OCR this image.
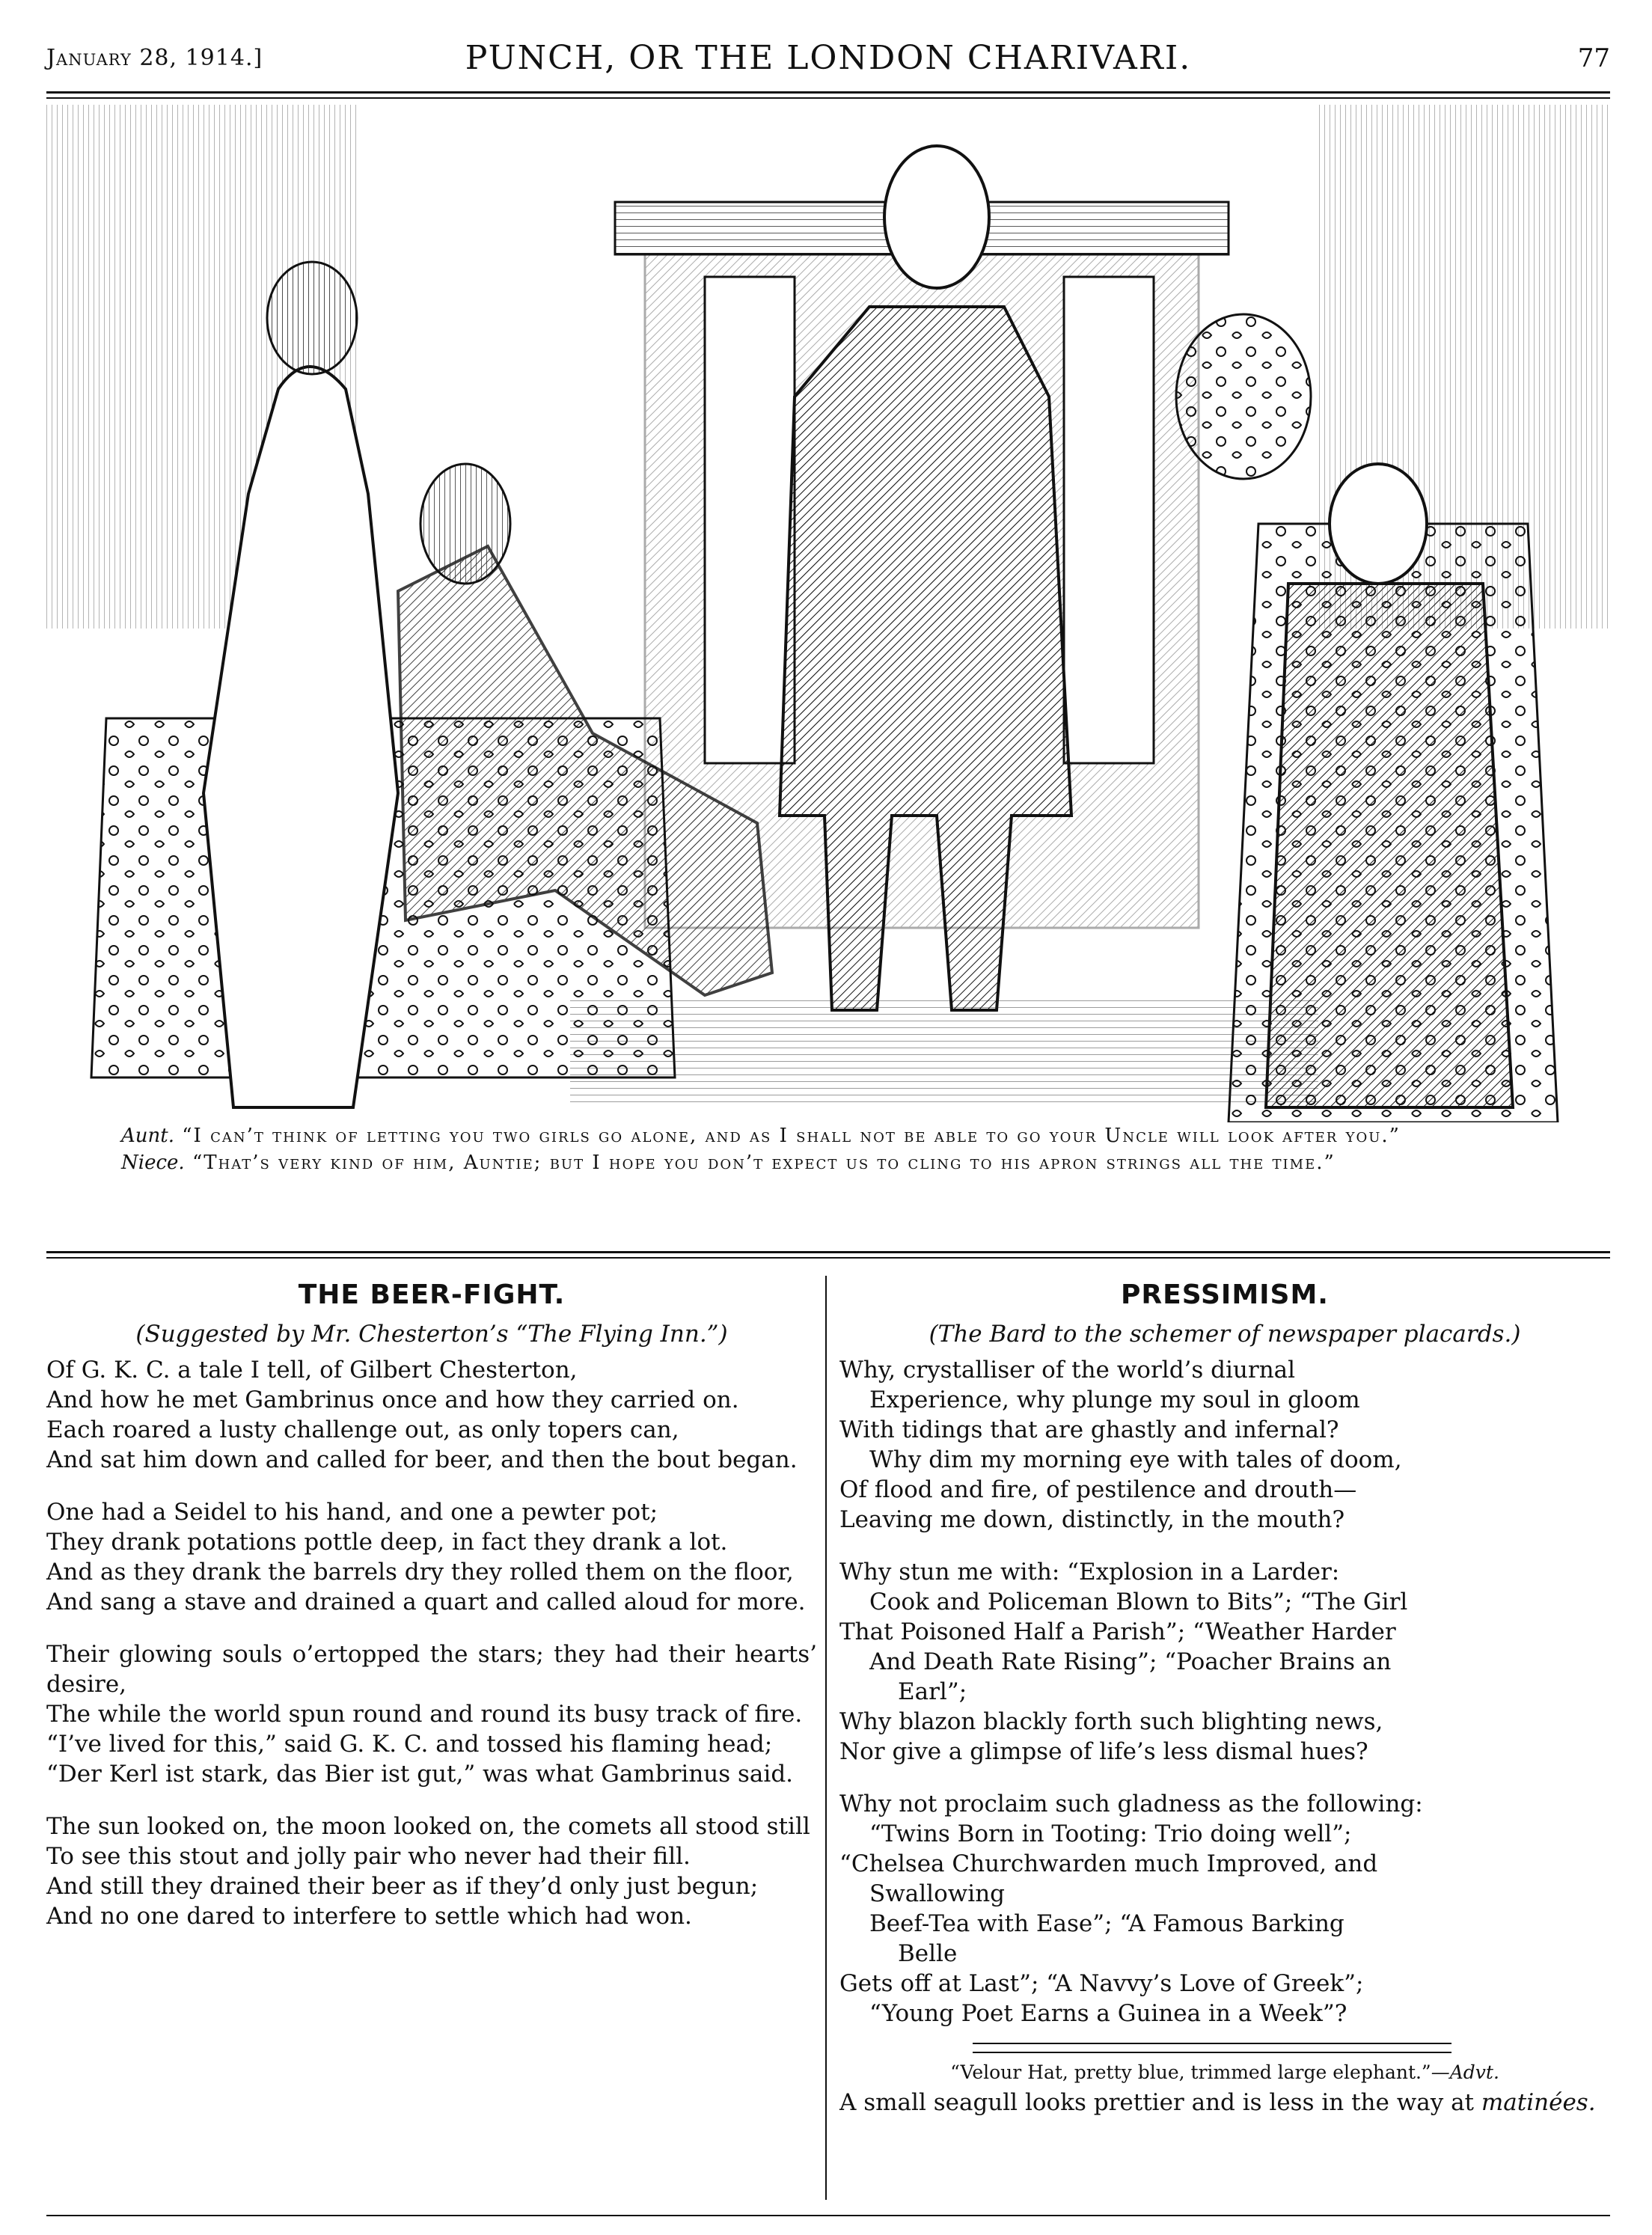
January 28, 1914.]	PUNCH, OR THE LONDON CHARIVARI.	77

Aunt. “I can’t think of letting you two girls go alone, and as I shall not be able to go your Uncle will look after you.”

Niece. “That’s very kind of him, Auntie; but I hope you don’t expect us to cling to his apron strings all the time.”

THE BEER-FIGHT.
(Suggested by Mr. Chesterton’s “The Flying Inn.”)
Of G. K. C. a tale I tell, of Gilbert Chesterton,
And how he met Gambrinus once and how they carried on.
Each roared a lusty challenge out, as only topers can,
And sat him down and called for beer, and then the bout began.
One had a Seidel to his hand, and one a pewter pot;
They drank potations pottle deep, in fact they drank a lot.
And as they drank the barrels dry they rolled them on the floor,
And sang a stave and drained a quart and called aloud for more.
Their glowing souls o’ertopped the stars; they had their hearts’ desire,
The while the world spun round and round its busy track of fire.
“I’ve lived for this,” said G. K. C. and tossed his flaming head;
“Der Kerl ist stark, das Bier ist gut,” was what Gambrinus said.
The sun looked on, the moon looked on, the comets all stood still
To see this stout and jolly pair who never had their fill.
And still they drained their beer as if they’d only just begun;
And no one dared to interfere to settle which had won.
PRESSIMISM.
(The Bard to the schemer of newspaper placards.)
Why, crystalliser of the world’s diurnal
Experience, why plunge my soul in gloom
With tidings that are ghastly and infernal?
Why dim my morning eye with tales of doom,
Of flood and fire, of pestilence and drouth—
Leaving me down, distinctly, in the mouth?
Why stun me with: “Explosion in a Larder:
Cook and Policeman Blown to Bits”; “The Girl
That Poisoned Half a Parish”; “Weather Harder
And Death Rate Rising”; “Poacher Brains an
Earl”;
Why blazon blackly forth such blighting news,
Nor give a glimpse of life’s less dismal hues?
Why not proclaim such gladness as the following:
“Twins Born in Tooting: Trio doing well”;
“Chelsea Churchwarden much Improved, and
Swallowing
Beef-Tea with Ease”; “A Famous Barking
Belle
Gets off at Last”; “A Navvy’s Love of Greek”;
“Young Poet Earns a Guinea in a Week”?
“Velour Hat, pretty blue, trimmed large elephant.”—Advt.
A small seagull looks prettier and is less in the way at matinées.
